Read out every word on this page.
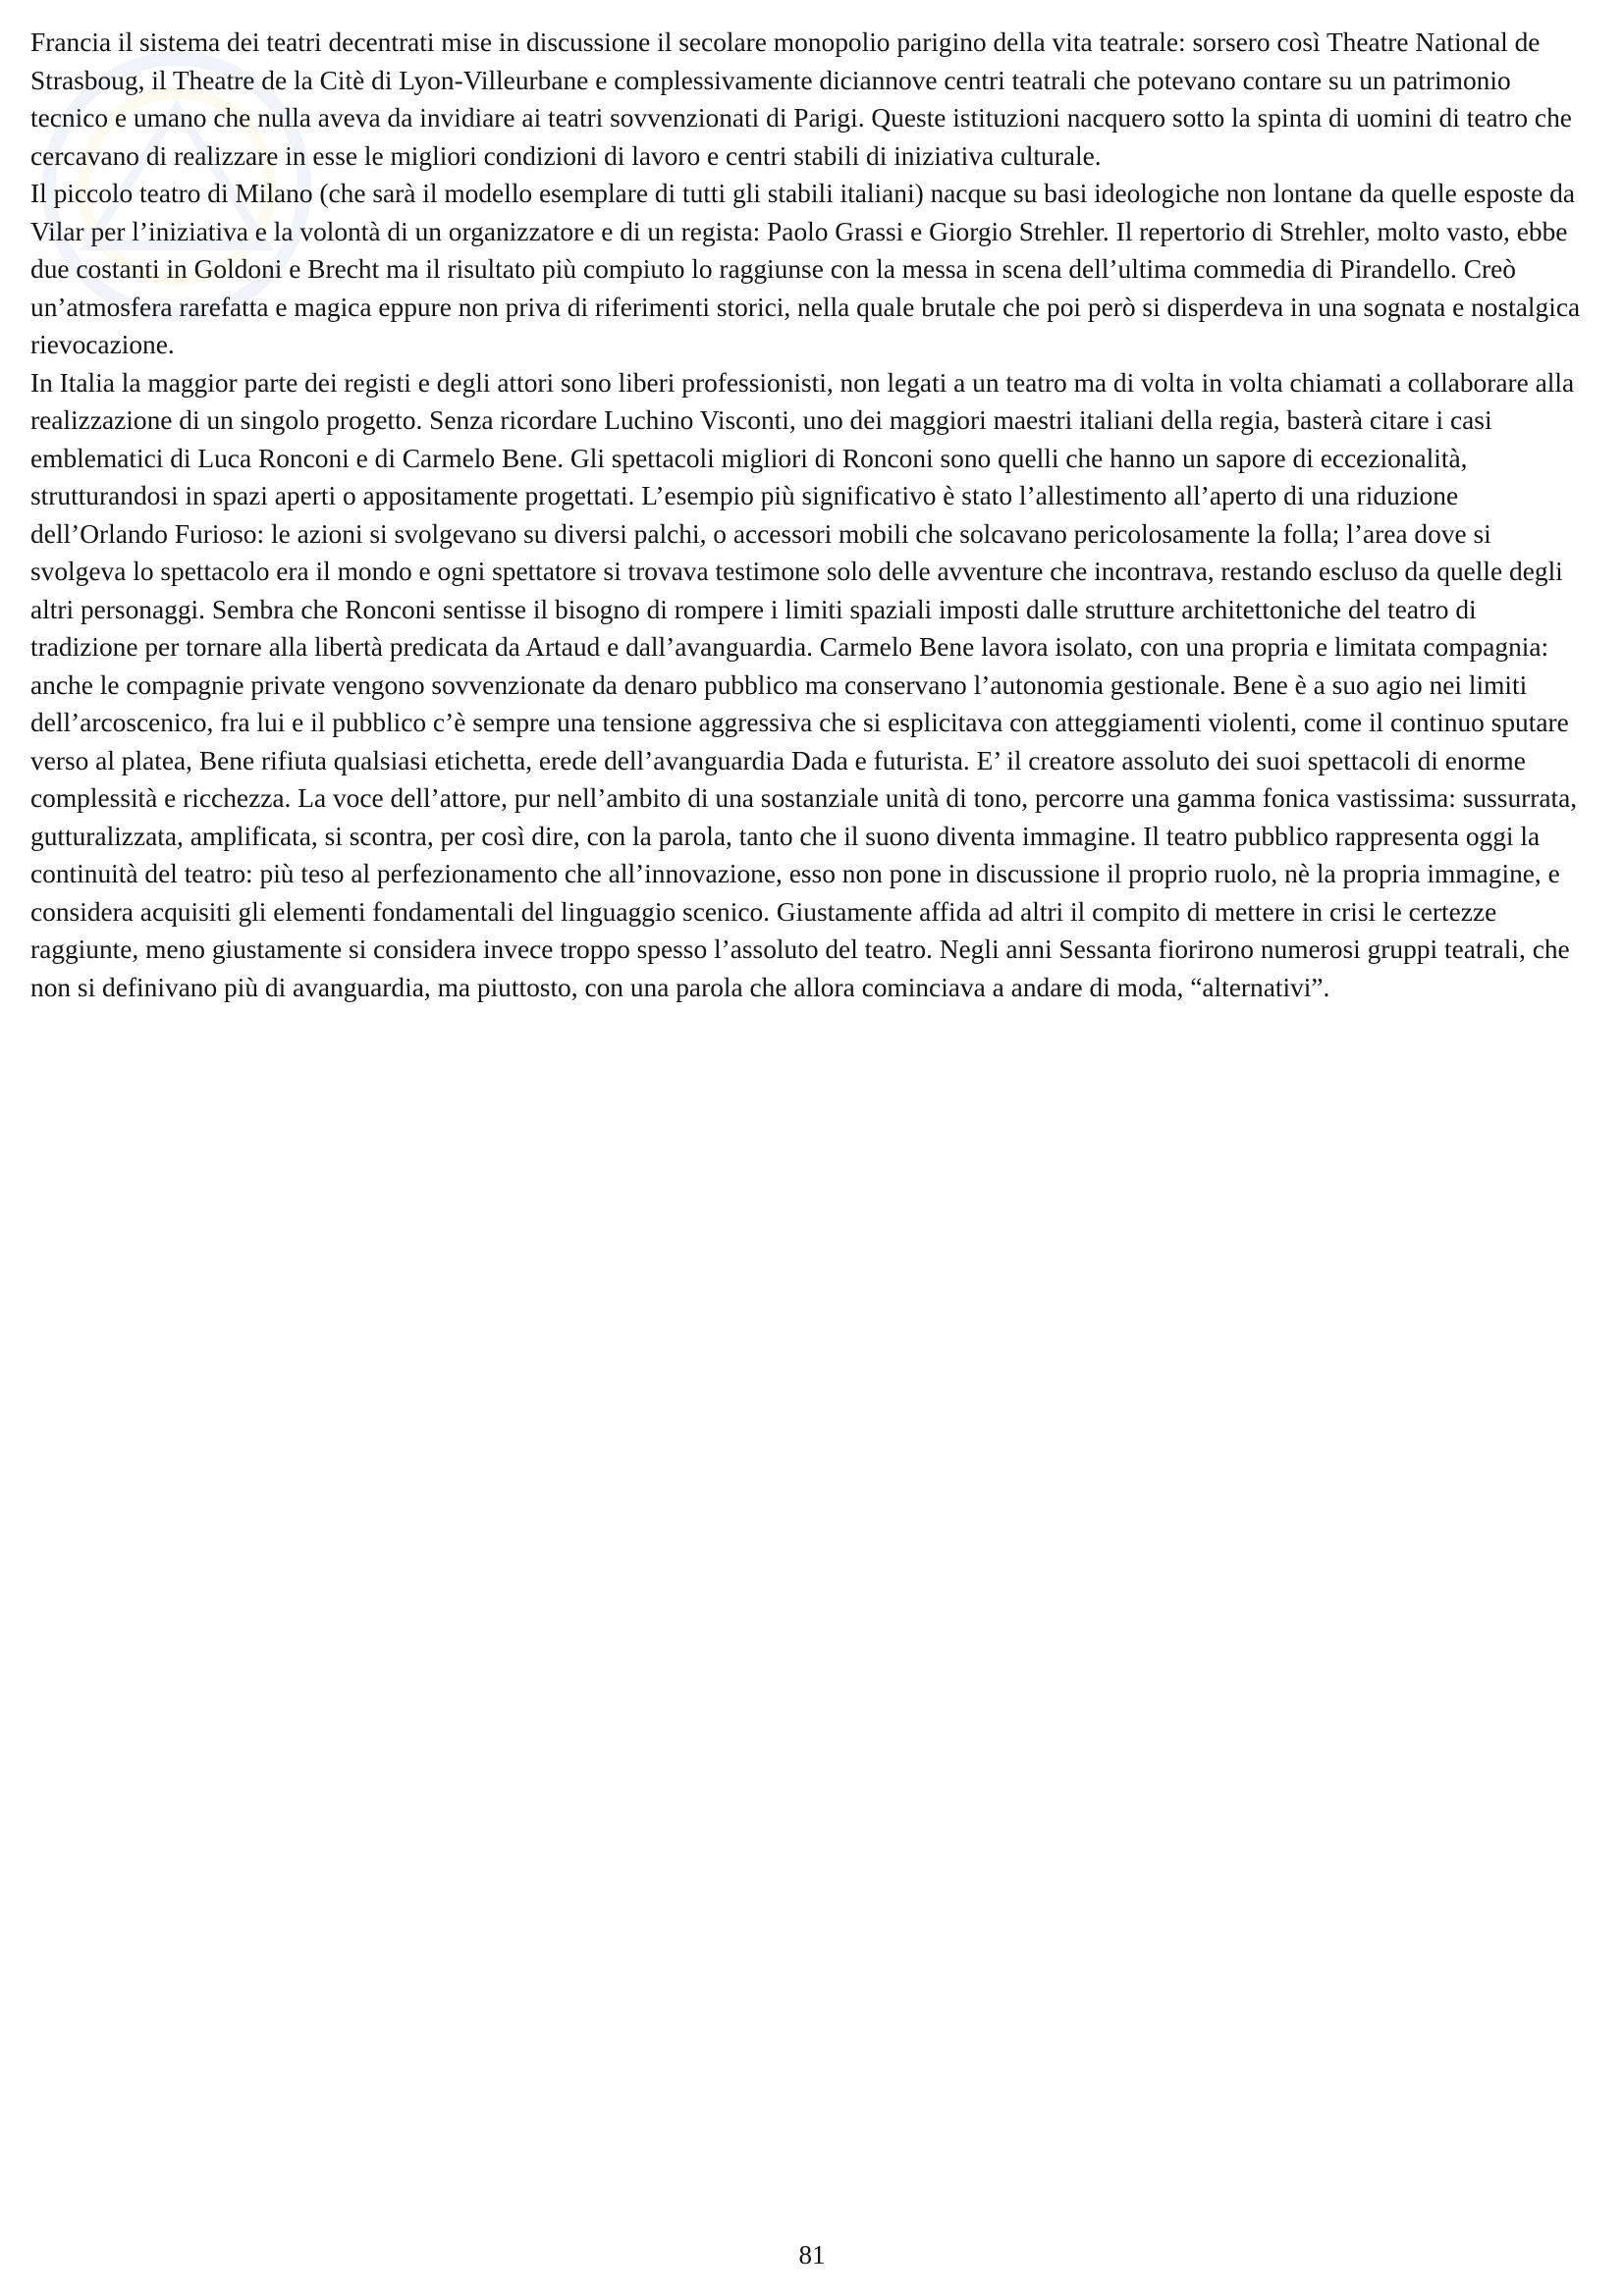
Francia il sistema dei teatri decentrati mise in discussione il secolare monopolio parigino della vita teatrale: sorsero così Theatre National de Strasboug, il Theatre de la Citè di Lyon-Villeurbane e complessivamente diciannove centri teatrali che potevano contare su un patrimonio tecnico e umano che nulla aveva da invidiare ai teatri sovvenzionati di Parigi. Queste istituzioni nacquero sotto la spinta di uomini di teatro che cercavano di realizzare in esse le migliori condizioni di lavoro e centri stabili di iniziativa culturale.

Il piccolo teatro di Milano (che sarà il modello esemplare di tutti gli stabili italiani) nacque su basi ideologiche non lontane da quelle esposte da Vilar per l’iniziativa e la volontà di un organizzatore e di un regista: Paolo Grassi e Giorgio Strehler. Il repertorio di Strehler, molto vasto, ebbe due costanti in Goldoni e Brecht ma il risultato più compiuto lo raggiunse con la messa in scena dell’ultima commedia di Pirandello. Creò un’atmosfera rarefatta e magica eppure non priva di riferimenti storici, nella quale brutale che poi però si disperdeva in una sognata e nostalgica rievocazione.

In Italia la maggior parte dei registi e degli attori sono liberi professionisti, non legati a un teatro ma di volta in volta chiamati a collaborare alla realizzazione di un singolo progetto. Senza ricordare Luchino Visconti, uno dei maggiori maestri italiani della regia, basterà citare i casi emblematici di Luca Ronconi e di Carmelo Bene. Gli spettacoli migliori di Ronconi sono quelli che hanno un sapore di eccezionalità, strutturandosi in spazi aperti o appositamente progettati. L’esempio più significativo è stato l’allestimento all’aperto di una riduzione dell’Orlando Furioso: le azioni si svolgevano su diversi palchi, o accessori mobili che solcavano pericolosamente la folla; l’area dove si svolgeva lo spettacolo era il mondo e ogni spettatore si trovava testimone solo delle avventure che incontrava, restando escluso da quelle degli altri personaggi. Sembra che Ronconi sentisse il bisogno di rompere i limiti spaziali imposti dalle strutture architettoniche del teatro di tradizione per tornare alla libertà predicata da Artaud e dall’avanguardia. Carmelo Bene lavora isolato, con una propria e limitata compagnia: anche le compagnie private vengono sovvenzionate da denaro pubblico ma conservano l’autonomia gestionale. Bene è a suo agio nei limiti dell’arcoscenico, fra lui e il pubblico c’è sempre una tensione aggressiva che si esplicitava con atteggiamenti violenti, come il continuo sputare verso al platea, Bene rifiuta qualsiasi etichetta, erede dell’avanguardia Dada e futurista. E’ il creatore assoluto dei suoi spettacoli di enorme complessità e ricchezza. La voce dell’attore, pur nell’ambito di una sostanziale unità di tono, percorre una gamma fonica vastissima: sussurrata, gutturalizzata, amplificata, si scontra, per così dire, con la parola, tanto che il suono diventa immagine. Il teatro pubblico rappresenta oggi la continuità del teatro: più teso al perfezionamento che all’innovazione, esso non pone in discussione il proprio ruolo, nè la propria immagine, e considera acquisiti gli elementi fondamentali del linguaggio scenico. Giustamente affida ad altri il compito di mettere in crisi le certezze raggiunte, meno giustamente si considera invece troppo spesso l’assoluto del teatro. Negli anni Sessanta fiorirono numerosi gruppi teatrali, che non si definivano più di avanguardia, ma piuttosto, con una parola che allora cominciava a andare di moda, “alternativi”.

81
